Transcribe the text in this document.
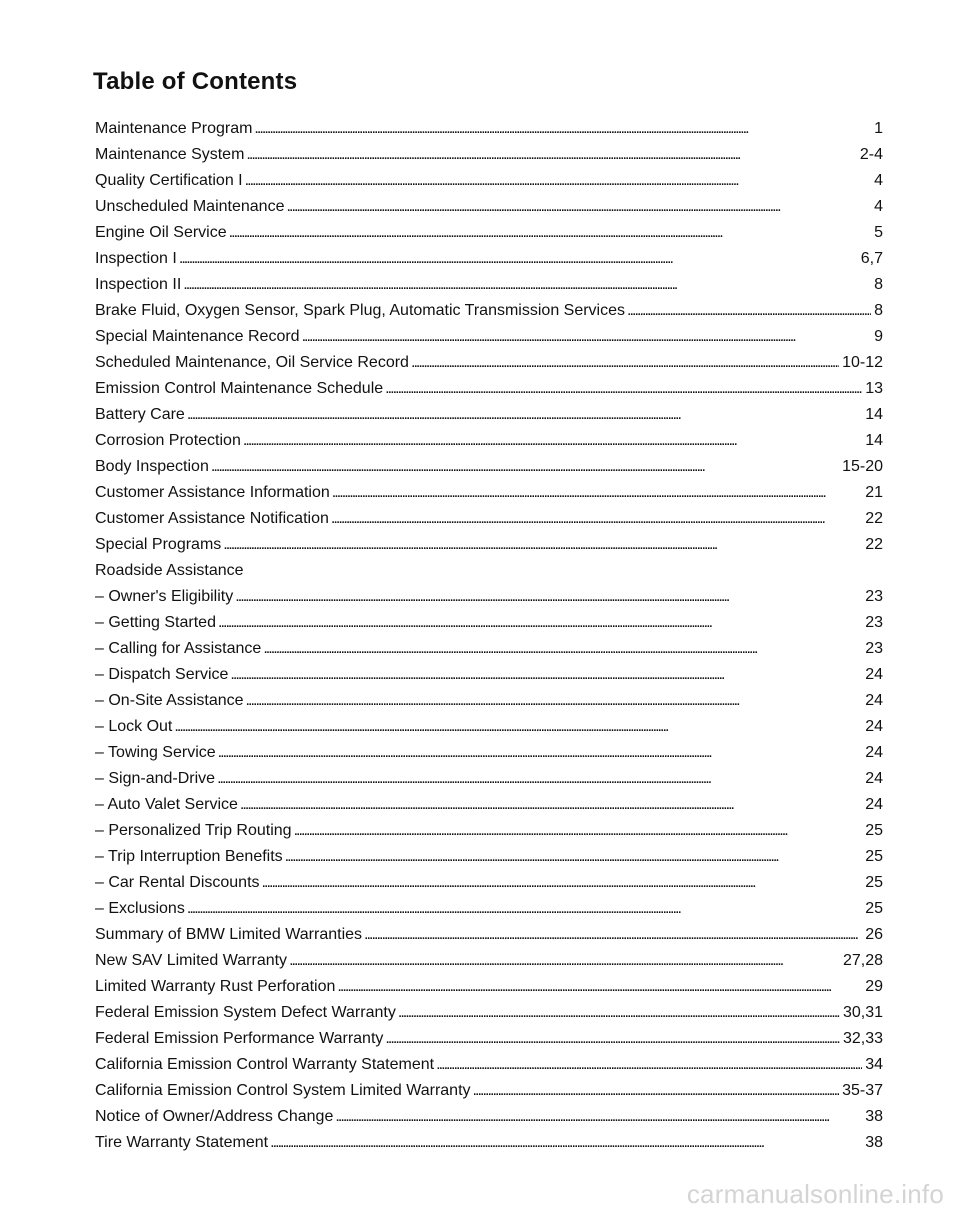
Table of Contents
Maintenance Program . . .	1
Maintenance System . . .	2-4
Quality Certification I . . .	4
Unscheduled Maintenance . . .	4
Engine Oil Service . . .	5
Inspection I . . .	6,7
Inspection II . . .	8
Brake Fluid, Oxygen Sensor, Spark Plug, Automatic Transmission Services . . .	8
Special Maintenance Record . . .	9
Scheduled Maintenance, Oil Service Record . . .	10-12
Emission Control Maintenance Schedule . . .	13
Battery Care . . .	14
Corrosion Protection . . .	14
Body Inspection . . .	15-20
Customer Assistance Information . . .	21
Customer Assistance Notification . . .	22
Special Programs . . .	22
Roadside Assistance
– Owner's Eligibility . . .	23
– Getting Started . . .	23
– Calling for Assistance . . .	23
– Dispatch Service . . .	24
– On-Site Assistance . . .	24
– Lock Out . . .	24
– Towing Service . . .	24
– Sign-and-Drive . . .	24
– Auto Valet Service . . .	24
– Personalized Trip Routing . . .	25
– Trip Interruption Benefits . . .	25
– Car Rental Discounts . . .	25
– Exclusions . . .	25
Summary of BMW Limited Warranties . . .	26
New SAV Limited Warranty . . .	27,28
Limited Warranty Rust Perforation . . .	29
Federal Emission System Defect Warranty . . .	30,31
Federal Emission Performance Warranty . . .	32,33
California Emission Control Warranty Statement . . .	34
California Emission Control System Limited Warranty . . .	35-37
Notice of Owner/Address Change . . .	38
Tire Warranty Statement . . .	38
carmanualsonline.info
